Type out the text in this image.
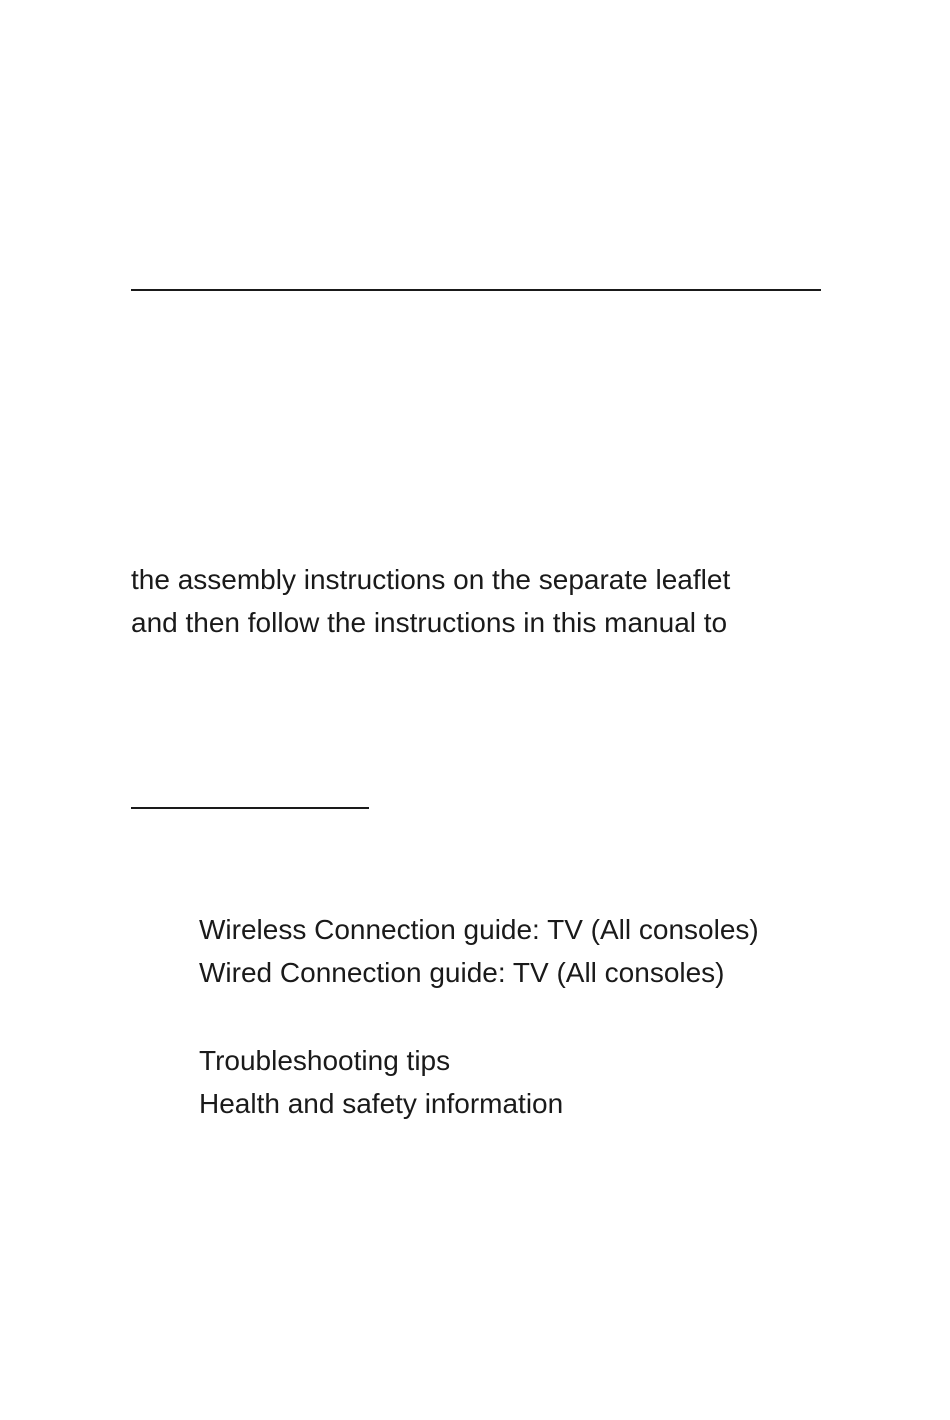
the assembly instructions on the separate leaflet
and then follow the instructions in this manual to
Wireless Connection guide: TV (All consoles)
Wired Connection guide: TV (All consoles)
Troubleshooting tips
Health and safety information
